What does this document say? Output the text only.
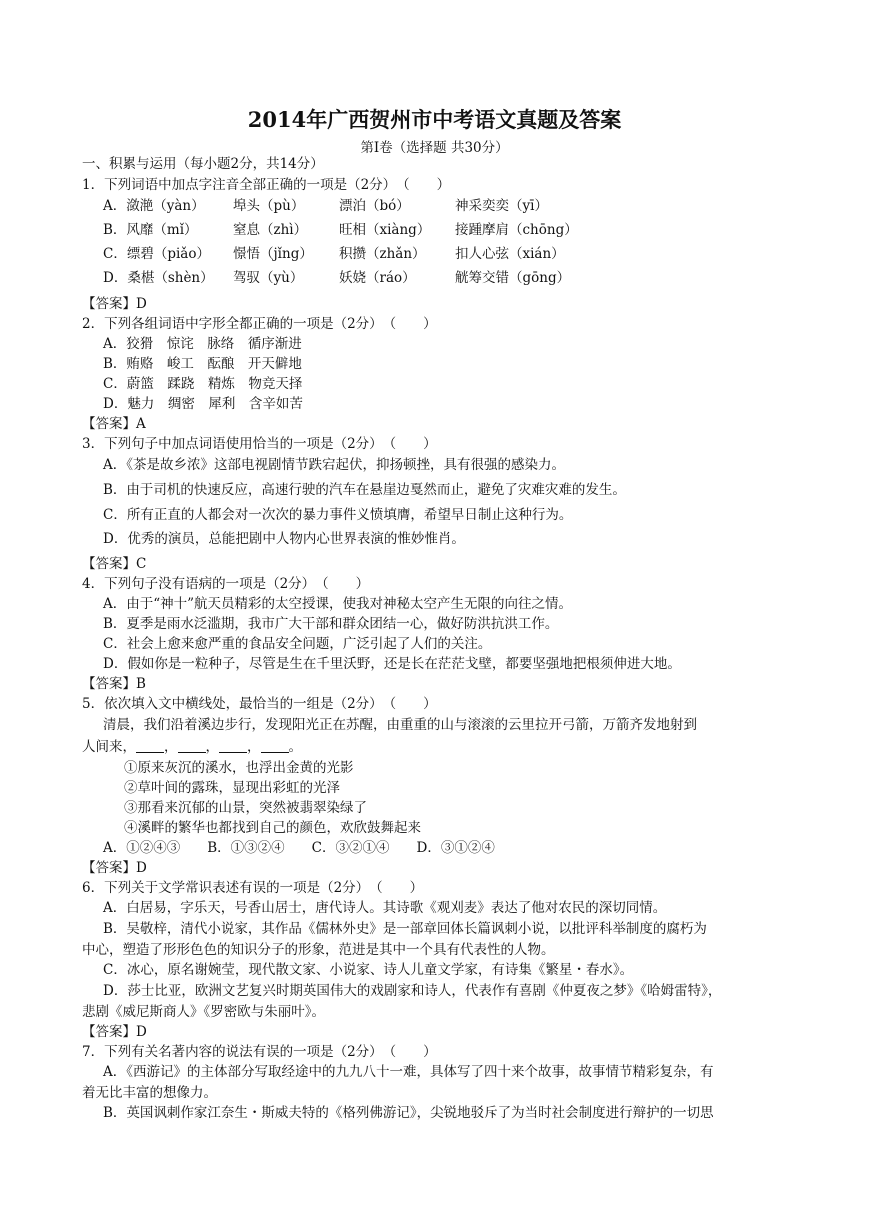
2014年广西贺州市中考语文真题及答案
第Ⅰ卷（选择题 共30分）
一、积累与运用（每小题2分，共14分）
1．下列词语中加点字注音全部正确的一项是（2分）　（　　）
A．潋滟（yàn） 埠头（pù）	漂泊（bó）	神采奕奕（yī）
B．风靡（mǐ）	窒息（zhì） 旺相（xiàng） 接踵摩肩（chōng）
C．缥碧（piǎo） 憬悟（jǐng） 积攒（zhǎn） 扣人心弦（xián）
D．桑椹（shèn） 驾驭（yù）	妖娆（ráo）	觥筹交错（gōng）
【答案】D
2．下列各组词语中字形全都正确的一项是（2分）　（　　）
A．狡猾　惊诧　脉络　循序渐进
B．贿赂　峻工　酝酿　开天僻地
C．蔚篮　蹂跷　精炼　物竞天择
D．魅力　绸密　犀利　含辛如苦
【答案】A
3．下列句子中加点词语使用恰当的一项是（2分）　（　　）
A．《茶是故乡浓》这部电视剧情节跌宕起伏，抑扬顿挫，具有很强的感染力。
B．由于司机的快速反应，高速行驶的汽车在悬崖边戛然而止，避免了灾难灾难的发生。
C．所有正直的人都会对一次次的暴力事件义愤填膺，希望早日制止这种行为。
D．优秀的演员，总能把剧中人物内心世界表演的惟妙惟肖。
【答案】C
4．下列句子没有语病的一项是（2分）　（　　）
A．由于“神十”航天员精彩的太空授课，使我对神秘太空产生无限的向往之情。
B．夏季是雨水泛滥期，我市广大干部和群众团结一心，做好防洪抗洪工作。
C．社会上愈来愈严重的食品安全问题，广泛引起了人们的关注。
D．假如你是一粒种子，尽管是生在千里沃野，还是长在茫茫戈壁，都要坚强地把根须伸进大地。
【答案】B
5．依次填入文中横线处，最恰当的一组是（2分）　（　　）
清晨，我们沿着溪边步行，发现阳光正在苏醒，由重重的山与滚滚的云里拉开弓箭，万箭齐发地射到
人间来， ， ， ， 。
①原来灰沉的溪水，也浮出金黄的光影
②草叶间的露珠，显现出彩虹的光泽
③那看来沉郁的山景，突然被翡翠染绿了
④溪畔的繁华也都找到自己的颜色，欢欣鼓舞起来
A．①②④③　　B．①③②④　　C．③②①④　　D．③①②④
【答案】D
6．下列关于文学常识表述有误的一项是（2分）　（　　）
A．白居易，字乐天，号香山居士，唐代诗人。其诗歌《观刈麦》表达了他对农民的深切同情。
B．吴敬梓，清代小说家，其作品《儒林外史》是一部章回体长篇讽刺小说，以批评科举制度的腐朽为
中心，塑造了形形色色的知识分子的形象，范进是其中一个具有代表性的人物。
C．冰心，原名谢婉莹，现代散文家、小说家、诗人儿童文学家，有诗集《繁星・春水》。
D．莎士比亚，欧洲文艺复兴时期英国伟大的戏剧家和诗人，代表作有喜剧《仲夏夜之梦》《哈姆雷特》，
悲剧《威尼斯商人》《罗密欧与朱丽叶》。
【答案】D
7．下列有关名著内容的说法有误的一项是（2分）　（　　）
A．《西游记》的主体部分写取经途中的九九八十一难，具体写了四十来个故事，故事情节精彩复杂，有
着无比丰富的想像力。
B．英国讽刺作家江奈生・斯威夫特的《格列佛游记》，尖锐地驳斥了为当时社会制度进行辩护的一切思
